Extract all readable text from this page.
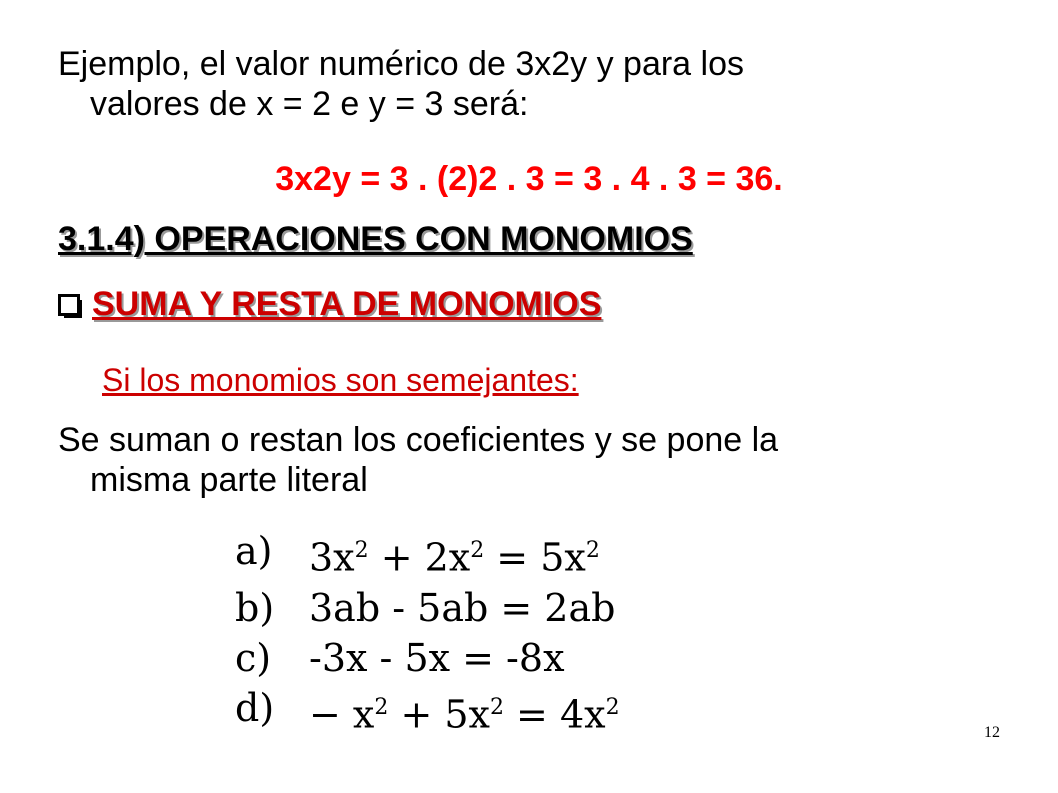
Ejemplo, el valor numérico de 3x2y y para los
valores de x = 2 e y = 3 será:
3x2y = 3 . (2)2 . 3 = 3 . 4 . 3 = 36.
3.1.4) OPERACIONES CON MONOMIOS
SUMA Y RESTA DE MONOMIOS
Si los monomios son semejantes:
Se suman o restan los coeficientes y se pone la
misma parte literal
a) $3x^2 + 2x^2 = 5x^2$
b) 3ab - 5ab = 2ab
c) -3x - 5x = -8x
$d) - x^2 + 5x^2 = 4x^2$
12
